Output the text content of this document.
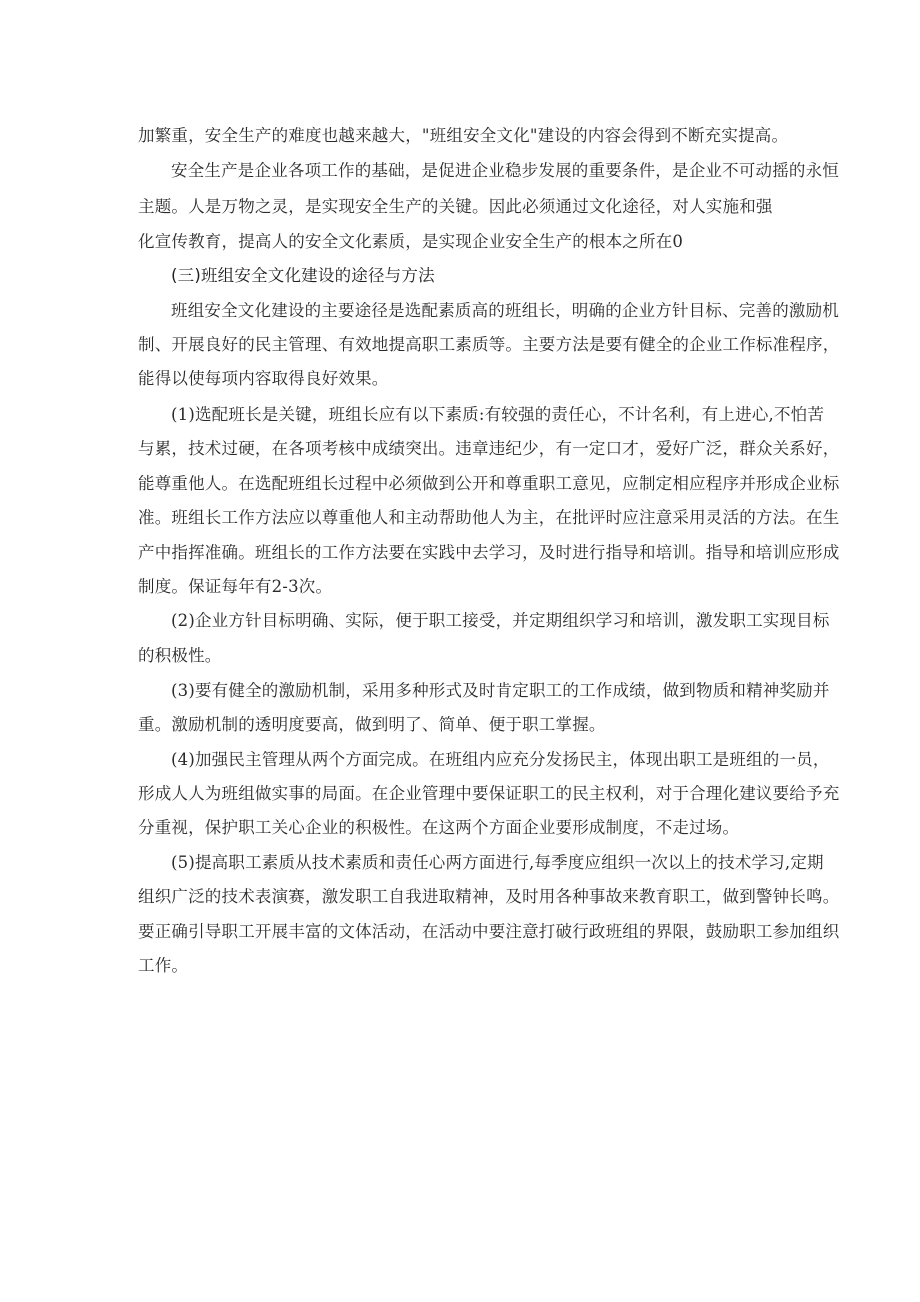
加繁重，安全生产的难度也越来越大，"班组安全文化"建设的内容会得到不断充实提高。
安全生产是企业各项工作的基础，是促进企业稳步发展的重要条件，是企业不可动摇的永恒
主题。人是万物之灵，是实现安全生产的关键。因此必须通过文化途径，对人实施和强
化宣传教育，提高人的安全文化素质，是实现企业安全生产的根本之所在0
(三)班组安全文化建设的途径与方法
班组安全文化建设的主要途径是选配素质高的班组长，明确的企业方针目标、完善的激励机
制、开展良好的民主管理、有效地提高职工素质等。主要方法是要有健全的企业工作标准程序，
能得以使每项内容取得良好效果。
(1)选配班长是关键，班组长应有以下素质:有较强的责任心，不计名利，有上进心,不怕苦
与累，技术过硬，在各项考核中成绩突出。违章违纪少，有一定口才，爱好广泛，群众关系好，
能尊重他人。在选配班组长过程中必须做到公开和尊重职工意见，应制定相应程序并形成企业标
准。班组长工作方法应以尊重他人和主动帮助他人为主，在批评时应注意采用灵活的方法。在生
产中指挥准确。班组长的工作方法要在实践中去学习，及时进行指导和培训。指导和培训应形成
制度。保证每年有2-3次。
(2)企业方针目标明确、实际，便于职工接受，并定期组织学习和培训，激发职工实现目标
的积极性。
(3)要有健全的激励机制，采用多种形式及时肯定职工的工作成绩，做到物质和精神奖励并
重。激励机制的透明度要高，做到明了、简单、便于职工掌握。
(4)加强民主管理从两个方面完成。在班组内应充分发扬民主，体现出职工是班组的一员，
形成人人为班组做实事的局面。在企业管理中要保证职工的民主权利，对于合理化建议要给予充
分重视，保护职工关心企业的积极性。在这两个方面企业要形成制度，不走过场。
(5)提高职工素质从技术素质和责任心两方面进行,每季度应组织一次以上的技术学习,定期
组织广泛的技术表演赛，激发职工自我进取精神，及时用各种事故来教育职工，做到警钟长鸣。
要正确引导职工开展丰富的文体活动，在活动中要注意打破行政班组的界限，鼓励职工参加组织
工作。
